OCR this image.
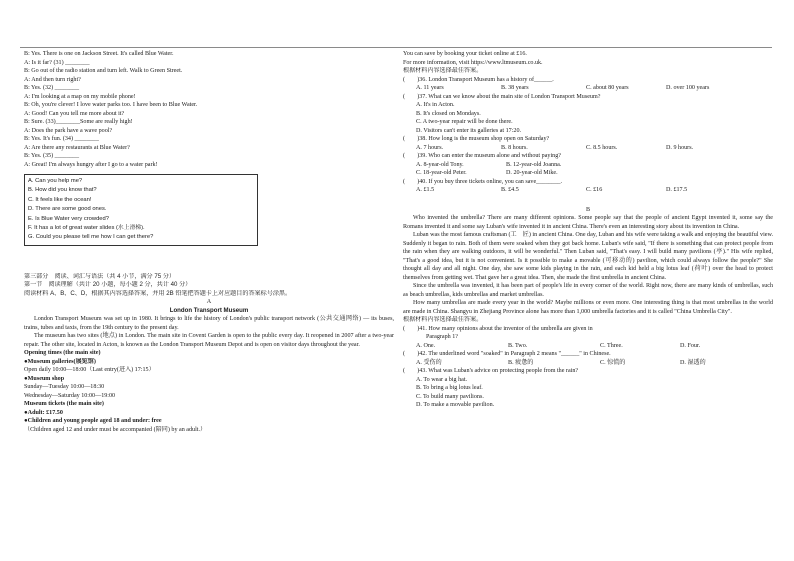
B: Yes. There is one on Jackson Street. It's called Blue Water.
A: Is it far? (31) ________
B: Go out of the radio station and turn left. Walk to Green Street.
A: And then turn right?
B: Yes. (32) ________
A: I'm looking at a map on my mobile phone!
B: Oh, you're clever! I love water parks too. I have been to Blue Water.
A: Good! Can you tell me more about it?
B: Sure. (33)________Some are really high!
A: Does the park have a wave pool?
B: Yes. It's fun. (34) ________
A: Are there any restaurants at Blue Water?
B: Yes. (35) ________
A: Great! I'm always hungry after I go to a water park!
A. Can you help me?
B. How did you know that?
C. It feels like the ocean!
D. There are some good ones.
E. Is Blue Water very crowded?
F. It has a lot of great water slides (水上滑梯).
G. Could you please tell me how I can get there?
第三部分　阅读、词汇与语法（共 4 小节，满分 75 分）
第一节　阅读理解（共计 20 小题，每小题 2 分，共计 40 分）
阅读材料 A、B、C、D，根据其内容选择答案，并用 2B 铅笔把答题卡上对应题目的答案标号涂黑。
A
London Transport Museum
London Transport Museum was set up in 1980. It brings to life the history of London's public transport network (公共交通网络) — its buses, trains, tubes and taxis, from the 19th century to the present day.
The museum has two sites (地点) in London. The main site in Covent Garden is open to the public every day. It reopened in 2007 after a two-year repair. The other site, located in Acton, is known as the London Transport Museum Depot and is open on visitor days throughout the year.
Opening times (the main site)
●Museum galleries(展览馆)
Open daily 10:00—18:00（Last entry(进入) 17:15）
●Museum shop
Sunday—Tuesday 10:00—18:30
Wednesday—Saturday 10:00—19:00
Museum tickets (the main site)
●Adult: £17.50
●Children and young people aged 18 and under: free
（Children aged 12 and under must be accompanied (陪同) by an adult.）
You can save by booking your ticket online at £16.
For more information, visit https://www.ltmuseum.co.uk.
根据材料内容选择最佳答案。
(　　)36. London Transport Museum has a history of______.
A. 11 years	B. 38 years	C. about 80 years	D. over 100 years
(　　)37. What can we know about the main site of London Transport Museum?
A. It's in Acton.
B. It's closed on Mondays.
C. A two-year repair will be done there.
D. Visitors can't enter its galleries at 17:20.
(　　)38. How long is the museum shop open on Saturday?
A. 7 hours.	B. 8 hours.	C. 8.5 hours.	D. 9 hours.
(　　)39. Who can enter the museum alone and without paying?
A. 8-year-old Tony.	B. 12-year-old Joanna.
C. 18-year-old Peter.	D. 20-year-old Mike.
(　　)40. If you buy three tickets online, you can save________.
A. £1.5	B. £4.5	C. £16	D. £17.5
B
Who invented the umbrella? There are many different opinions. Some people say that the people of ancient Egypt invented it, some say the Romans invented it and some say Luban's wife invented it in ancient China. There's even an interesting story about its invention in China.
Luban was the most famous craftsman (工　匠) in ancient China. One day, Luban and his wife were taking a walk and enjoying the beautiful view. Suddenly it began to rain. Both of them were soaked when they got back home. Luban's wife said, "If there is something that can protect people from the rain when they are walking outdoors, it will be wonderful." Then Luban said, "That's easy. I will build many pavilions (亭)." His wife replied, "That's a good idea, but it is not convenient. Is it possible to make a movable (可移动的) pavilion, which could always follow the people?" She thought all day and all night. One day, she saw some kids playing in the rain, and each kid held a big lotus leaf (荷叶) over the head to protect themselves from getting wet. That gave her a great idea. Then, she made the first umbrella in ancient China.
Since the umbrella was invented, it has been part of people's life in every corner of the world. Right now, there are many kinds of umbrellas, such as beach umbrellas, kids umbrellas and market umbrellas.
How many umbrellas are made every year in the world? Maybe millions or even more. One interesting thing is that most umbrellas in the world are made in China. Shangyu in Zhejiang Province alone has more than 1,000 umbrella factories and it is called "China Umbrella City".
根据材料内容选择最佳答案。
(　　)41. How many opinions about the inventor of the umbrella are given in
Paragraph 1?
A. One.	B. Two.	C. Three.	D. Four.
(　　)42. The underlined word "soaked" in Paragraph 2 means "______" in Chinese.
A. 受伤的	B. 疲惫的	C. 惊慌的	D. 湿透的
(　　)43. What was Luban's advice on protecting people from the rain?
A. To wear a big hat.
B. To bring a big lotus leaf.
C. To build many pavilions.
D. To make a movable pavilion.
